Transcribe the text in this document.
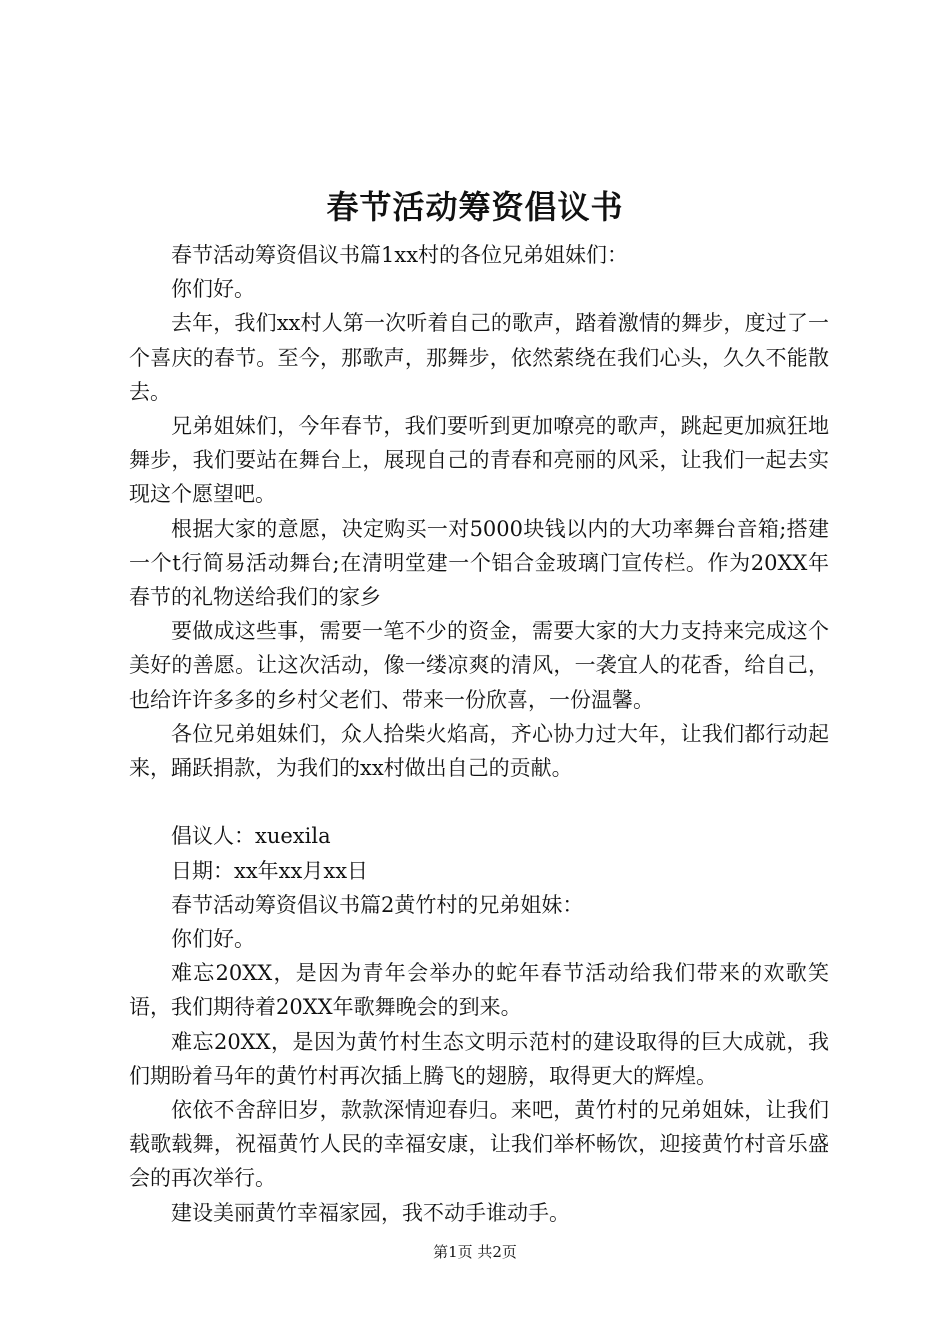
春节活动筹资倡议书

春节活动筹资倡议书篇1xx村的各位兄弟姐妹们：

你们好。

去年，我们xx村人第一次听着自己的歌声，踏着激情的舞步，度过了一个喜庆的春节。至今，那歌声，那舞步，依然萦绕在我们心头，久久不能散去。

兄弟姐妹们，今年春节，我们要听到更加嘹亮的歌声，跳起更加疯狂地舞步，我们要站在舞台上，展现自己的青春和亮丽的风采，让我们一起去实现这个愿望吧。

根据大家的意愿，决定购买一对5000块钱以内的大功率舞台音箱;搭建一个t行简易活动舞台;在清明堂建一个铝合金玻璃门宣传栏。作为20XX年春节的礼物送给我们的家乡

要做成这些事，需要一笔不少的资金，需要大家的大力支持来完成这个美好的善愿。让这次活动，像一缕凉爽的清风，一袭宜人的花香，给自己，也给许许多多的乡村父老们、带来一份欣喜，一份温馨。

各位兄弟姐妹们，众人拾柴火焰高，齐心协力过大年，让我们都行动起来，踊跃捐款，为我们的xx村做出自己的贡献。

倡议人：xuexila

日期：xx年xx月xx日

春节活动筹资倡议书篇2黄竹村的兄弟姐妹：

你们好。

难忘20XX，是因为青年会举办的蛇年春节活动给我们带来的欢歌笑语，我们期待着20XX年歌舞晚会的到来。

难忘20XX，是因为黄竹村生态文明示范村的建设取得的巨大成就，我们期盼着马年的黄竹村再次插上腾飞的翅膀，取得更大的辉煌。

依依不舍辞旧岁，款款深情迎春归。来吧，黄竹村的兄弟姐妹，让我们载歌载舞，祝福黄竹人民的幸福安康，让我们举杯畅饮，迎接黄竹村音乐盛会的再次举行。

建设美丽黄竹幸福家园，我不动手谁动手。

第1页 共2页
